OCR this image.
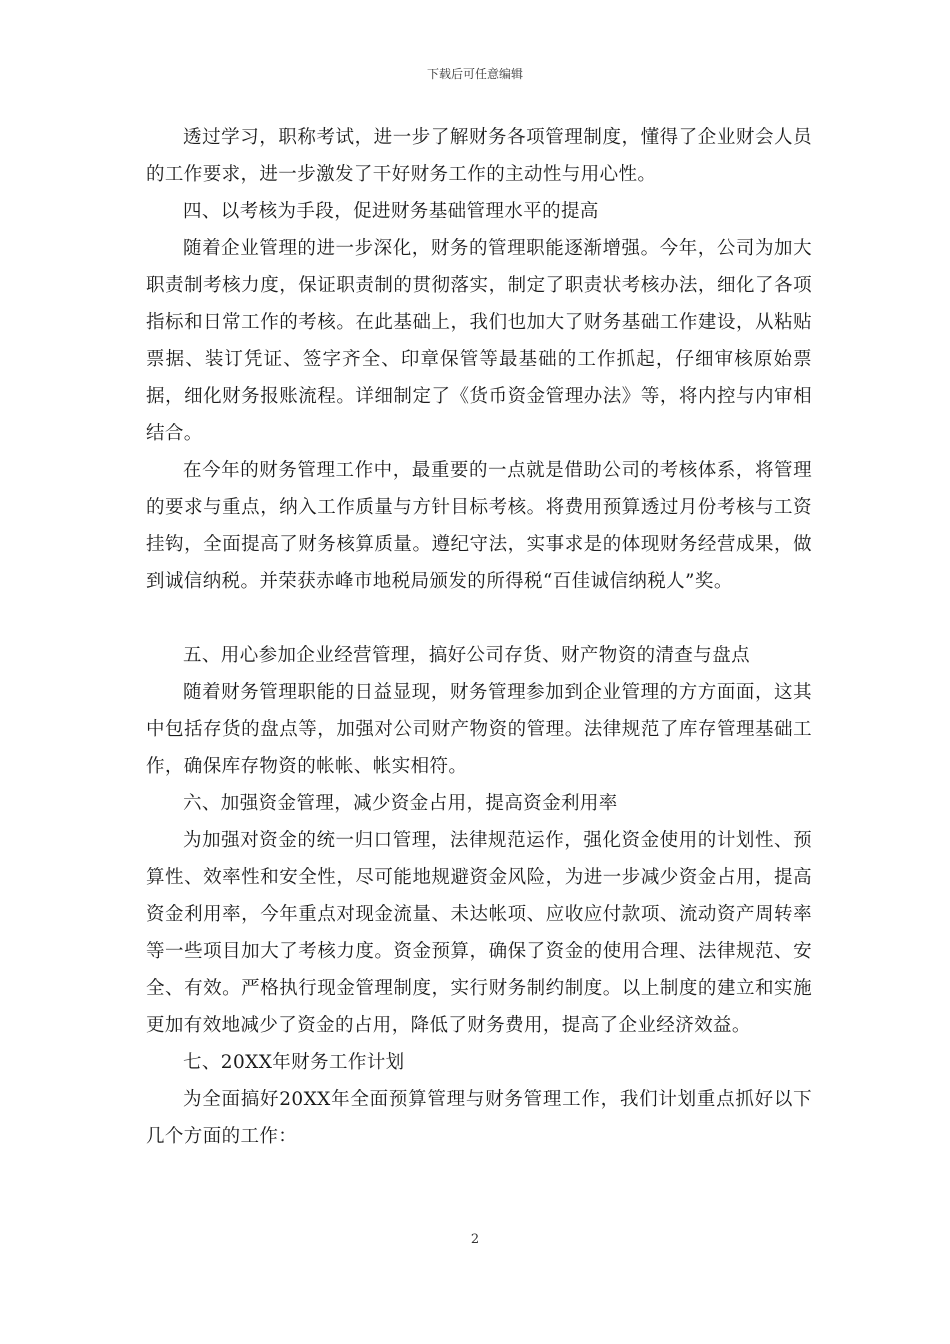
下载后可任意编辑

透过学习，职称考试，进一步了解财务各项管理制度，懂得了企业财会人员的工作要求，进一步激发了干好财务工作的主动性与用心性。

四、以考核为手段，促进财务基础管理水平的提高

随着企业管理的进一步深化，财务的管理职能逐渐增强。今年，公司为加大职责制考核力度，保证职责制的贯彻落实，制定了职责状考核办法，细化了各项指标和日常工作的考核。在此基础上，我们也加大了财务基础工作建设，从粘贴票据、装订凭证、签字齐全、印章保管等最基础的工作抓起，仔细审核原始票据，细化财务报账流程。详细制定了《货币资金管理办法》等，将内控与内审相结合。

在今年的财务管理工作中，最重要的一点就是借助公司的考核体系，将管理的要求与重点，纳入工作质量与方针目标考核。将费用预算透过月份考核与工资挂钩，全面提高了财务核算质量。遵纪守法，实事求是的体现财务经营成果，做到诚信纳税。并荣获赤峰市地税局颁发的所得税“百佳诚信纳税人”奖。

五、用心参加企业经营管理，搞好公司存货、财产物资的清查与盘点

随着财务管理职能的日益显现，财务管理参加到企业管理的方方面面，这其中包括存货的盘点等，加强对公司财产物资的管理。法律规范了库存管理基础工作，确保库存物资的帐帐、帐实相符。

六、加强资金管理，减少资金占用，提高资金利用率

为加强对资金的统一归口管理，法律规范运作，强化资金使用的计划性、预算性、效率性和安全性，尽可能地规避资金风险，为进一步减少资金占用，提高资金利用率，今年重点对现金流量、未达帐项、应收应付款项、流动资产周转率等一些项目加大了考核力度。资金预算，确保了资金的使用合理、法律规范、安全、有效。严格执行现金管理制度，实行财务制约制度。以上制度的建立和实施更加有效地减少了资金的占用，降低了财务费用，提高了企业经济效益。

七、20XX年财务工作计划

为全面搞好20XX年全面预算管理与财务管理工作，我们计划重点抓好以下几个方面的工作：

2
